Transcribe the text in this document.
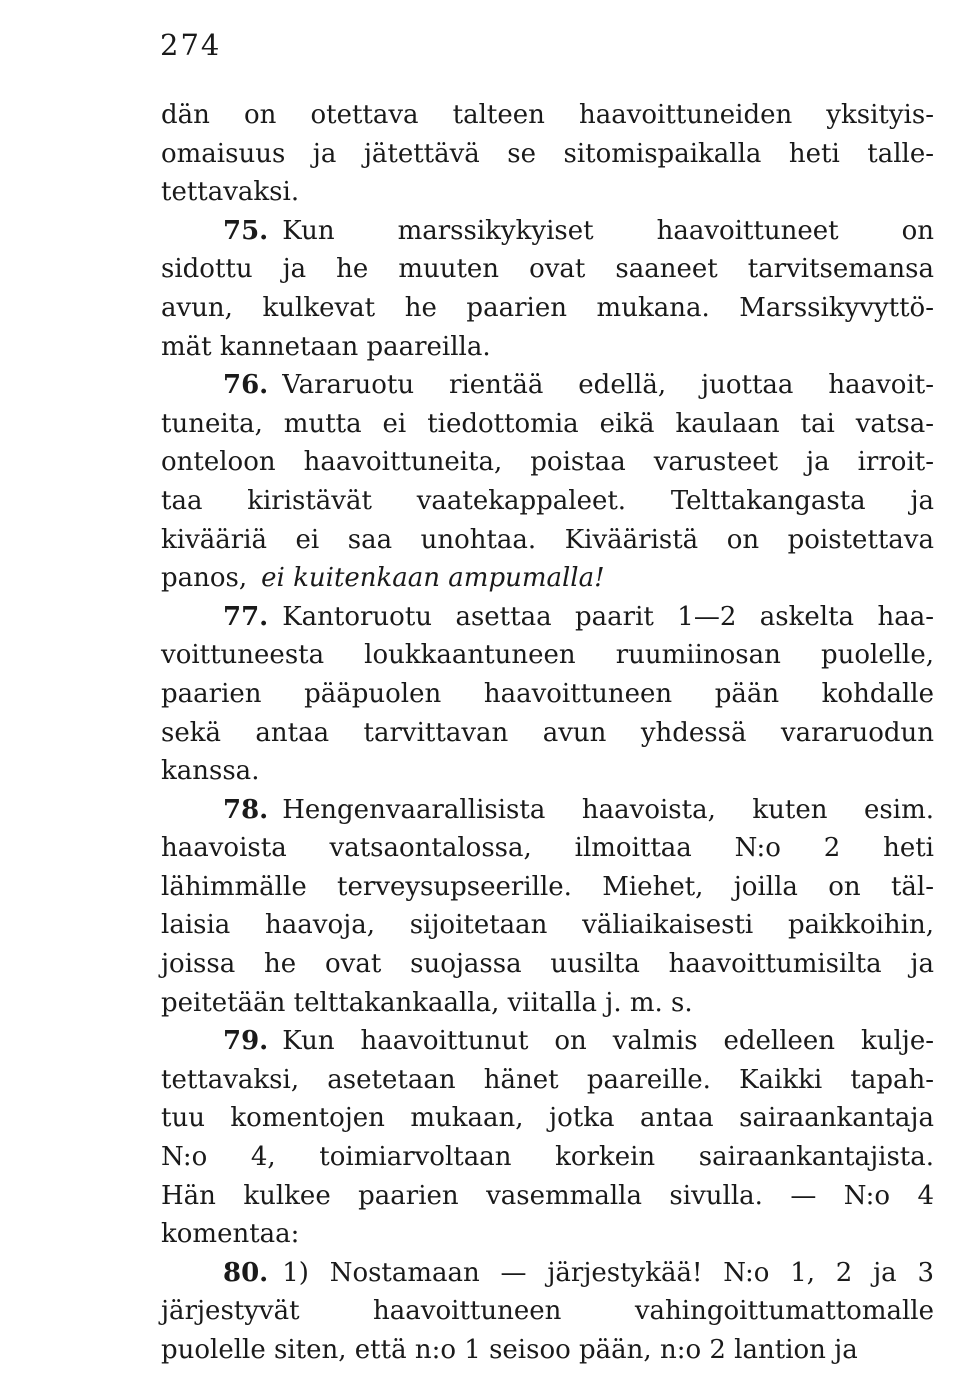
274
dän on otettava talteen haavoittuneiden yksityis-
omaisuus ja jätettävä se sitomispaikalla heti talle-
tettavaksi.
75. Kun marssikykyiset haavoittuneet on
sidottu ja he muuten ovat saaneet tarvitsemansa
avun, kulkevat he paarien mukana. Marssikyvyttö-
mät kannetaan paareilla.
76. Vararuotu rientää edellä, juottaa haavoit-
tuneita, mutta ei tiedottomia eikä kaulaan tai vatsa-
onteloon haavoittuneita, poistaa varusteet ja irroit-
taa kiristävät vaatekappaleet. Telttakangasta ja
kivääriä ei saa unohtaa. Kivääristä on poistettava
panos, ei kuitenkaan ampumalla!
77. Kantoruotu asettaa paarit 1—2 askelta haa-
voittuneesta loukkaantuneen ruumiinosan puolelle,
paarien pääpuolen haavoittuneen pään kohdalle
sekä antaa tarvittavan avun yhdessä vararuodun
kanssa.
78. Hengenvaarallisista haavoista, kuten esim.
haavoista vatsaontalossa, ilmoittaa N:o 2 heti
lähimmälle terveysupseerille. Miehet, joilla on täl-
laisia haavoja, sijoitetaan väliaikaisesti paikkoihin,
joissa he ovat suojassa uusilta haavoittumisilta ja
peitetään telttakankaalla, viitalla j. m. s.
79. Kun haavoittunut on valmis edelleen kulje-
tettavaksi, asetetaan hänet paareille. Kaikki tapah-
tuu komentojen mukaan, jotka antaa sairaankantaja
N:o 4, toimiarvoltaan korkein sairaankantajista.
Hän kulkee paarien vasemmalla sivulla. — N:o 4
komentaa:
80. 1) Nostamaan — järjestykää! N:o 1, 2 ja 3
järjestyvät haavoittuneen vahingoittumattomalle
puolelle siten, että n:o 1 seisoo pään, n:o 2 lantion ja
